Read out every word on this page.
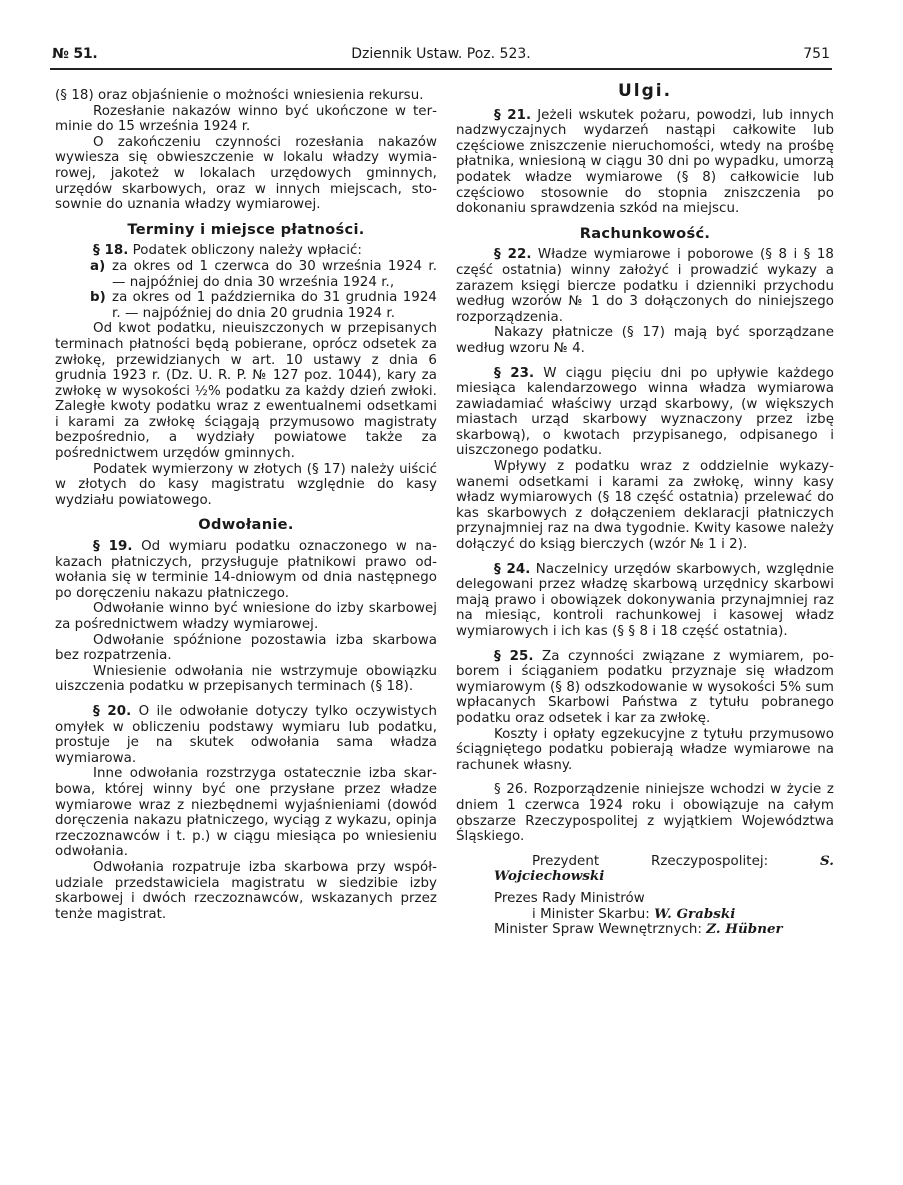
№ 51.	Dziennik Ustaw. Poz. 523.	751

(§ 18) oraz objaśnienie o możności wniesienia rekursu.

Rozesłanie nakazów winno być ukończone w terminie do 15 września 1924 r.

O zakończeniu czynności rozesłania nakazów wywiesza się obwieszczenie w lokalu władzy wymiarowej, jakoteż w lokalach urzędowych gminnych, urzędów skarbowych, oraz w innych miejscach, stosownie do uznania władzy wymiarowej.

Terminy i miejsce płatności.

§ 18. Podatek obliczony należy wpłacić:

a) za okres od 1 czerwca do 30 września 1924 r. — najpóźniej do dnia 30 września 1924 r.,
b) za okres od 1 października do 31 grudnia 1924 r. — najpóźniej do dnia 20 grudnia 1924 r.

Od kwot podatku, nieuiszczonych w przepisanych terminach płatności będą pobierane, oprócz odsetek za zwłokę, przewidzianych w art. 10 ustawy z dnia 6 grudnia 1923 r. (Dz. U. R. P. № 127 poz. 1044), kary za zwłokę w wysokości ½% podatku za każdy dzień zwłoki. Zaległe kwoty podatku wraz z ewentualnemi odsetkami i karami za zwłokę ściągają przymusowo magistraty bezpośrednio, a wydziały powiatowe także za pośrednictwem urzędów gminnych.

Podatek wymierzony w złotych (§ 17) należy uiścić w złotych do kasy magistratu względnie do kasy wydziału powiatowego.

Odwołanie.

§ 19. Od wymiaru podatku oznaczonego w nakazach płatniczych, przysługuje płatnikowi prawo odwołania się w terminie 14-dniowym od dnia następnego po doręczeniu nakazu płatniczego.

Odwołanie winno być wniesione do izby skarbowej za pośrednictwem władzy wymiarowej.

Odwołanie spóźnione pozostawia izba skarbowa bez rozpatrzenia.

Wniesienie odwołania nie wstrzymuje obowiązku uiszczenia podatku w przepisanych terminach (§ 18).

§ 20. O ile odwołanie dotyczy tylko oczywistych omyłek w obliczeniu podstawy wymiaru lub podatku, prostuje je na skutek odwołania sama władza wymiarowa.

Inne odwołania rozstrzyga ostatecznie izba skarbowa, której winny być one przysłane przez władze wymiarowe wraz z niezbędnemi wyjaśnieniami (dowód doręczenia nakazu płatniczego, wyciąg z wykazu, opinja rzeczoznawców i t. p.) w ciągu miesiąca po wniesieniu odwołania.

Odwołania rozpatruje izba skarbowa przy współudziale przedstawiciela magistratu w siedzibie izby skarbowej i dwóch rzeczoznawców, wskazanych przez tenże magistrat.

Ulgi.

§ 21. Jeżeli wskutek pożaru, powodzi, lub innych nadzwyczajnych wydarzeń nastąpi całkowite lub częściowe zniszczenie nieruchomości, wtedy na prośbę płatnika, wniesioną w ciągu 30 dni po wypadku, umorzą podatek władze wymiarowe (§ 8) całkowicie lub częściowo stosownie do stopnia zniszczenia po dokonaniu sprawdzenia szkód na miejscu.

Rachunkowość.

§ 22. Władze wymiarowe i poborowe (§ 8 i § 18 część ostatnia) winny założyć i prowadzić wykazy a zarazem księgi biercze podatku i dzienniki przychodu według wzorów № 1 do 3 dołączonych do niniejszego rozporządzenia.

Nakazy płatnicze (§ 17) mają być sporządzane według wzoru № 4.

§ 23. W ciągu pięciu dni po upływie każdego miesiąca kalendarzowego winna władza wymiarowa zawiadamiać właściwy urząd skarbowy, (w większych miastach urząd skarbowy wyznaczony przez izbę skarbową), o kwotach przypisanego, odpisanego i uiszczonego podatku.

Wpływy z podatku wraz z oddzielnie wykazywanemi odsetkami i karami za zwłokę, winny kasy władz wymiarowych (§ 18 część ostatnia) przelewać do kas skarbowych z dołączeniem deklaracji płatniczych przynajmniej raz na dwa tygodnie. Kwity kasowe należy dołączyć do ksiąg bierczych (wzór № 1 i 2).

§ 24. Naczelnicy urzędów skarbowych, względnie delegowani przez władzę skarbową urzędnicy skarbowi mają prawo i obowiązek dokonywania przynajmniej raz na miesiąc, kontroli rachunkowej i kasowej władz wymiarowych i ich kas (§ § 8 i 18 część ostatnia).

§ 25. Za czynności związane z wymiarem, poborem i ściąganiem podatku przyznaje się władzom wymiarowym (§ 8) odszkodowanie w wysokości 5% sum wpłacanych Skarbowi Państwa z tytułu pobranego podatku oraz odsetek i kar za zwłokę.

Koszty i opłaty egzekucyjne z tytułu przymusowo ściągniętego podatku pobierają władze wymiarowe na rachunek własny.

§ 26. Rozporządzenie niniejsze wchodzi w życie z dniem 1 czerwca 1924 roku i obowiązuje na całym obszarze Rzeczypospolitej z wyjątkiem Województwa Śląskiego.

Prezydent Rzeczypospolitej:	S. Wojciechowski

Prezes Rady Ministrów

i Minister Skarbu: W. Grabski

Minister Spraw Wewnętrznych: Z. Hübner
